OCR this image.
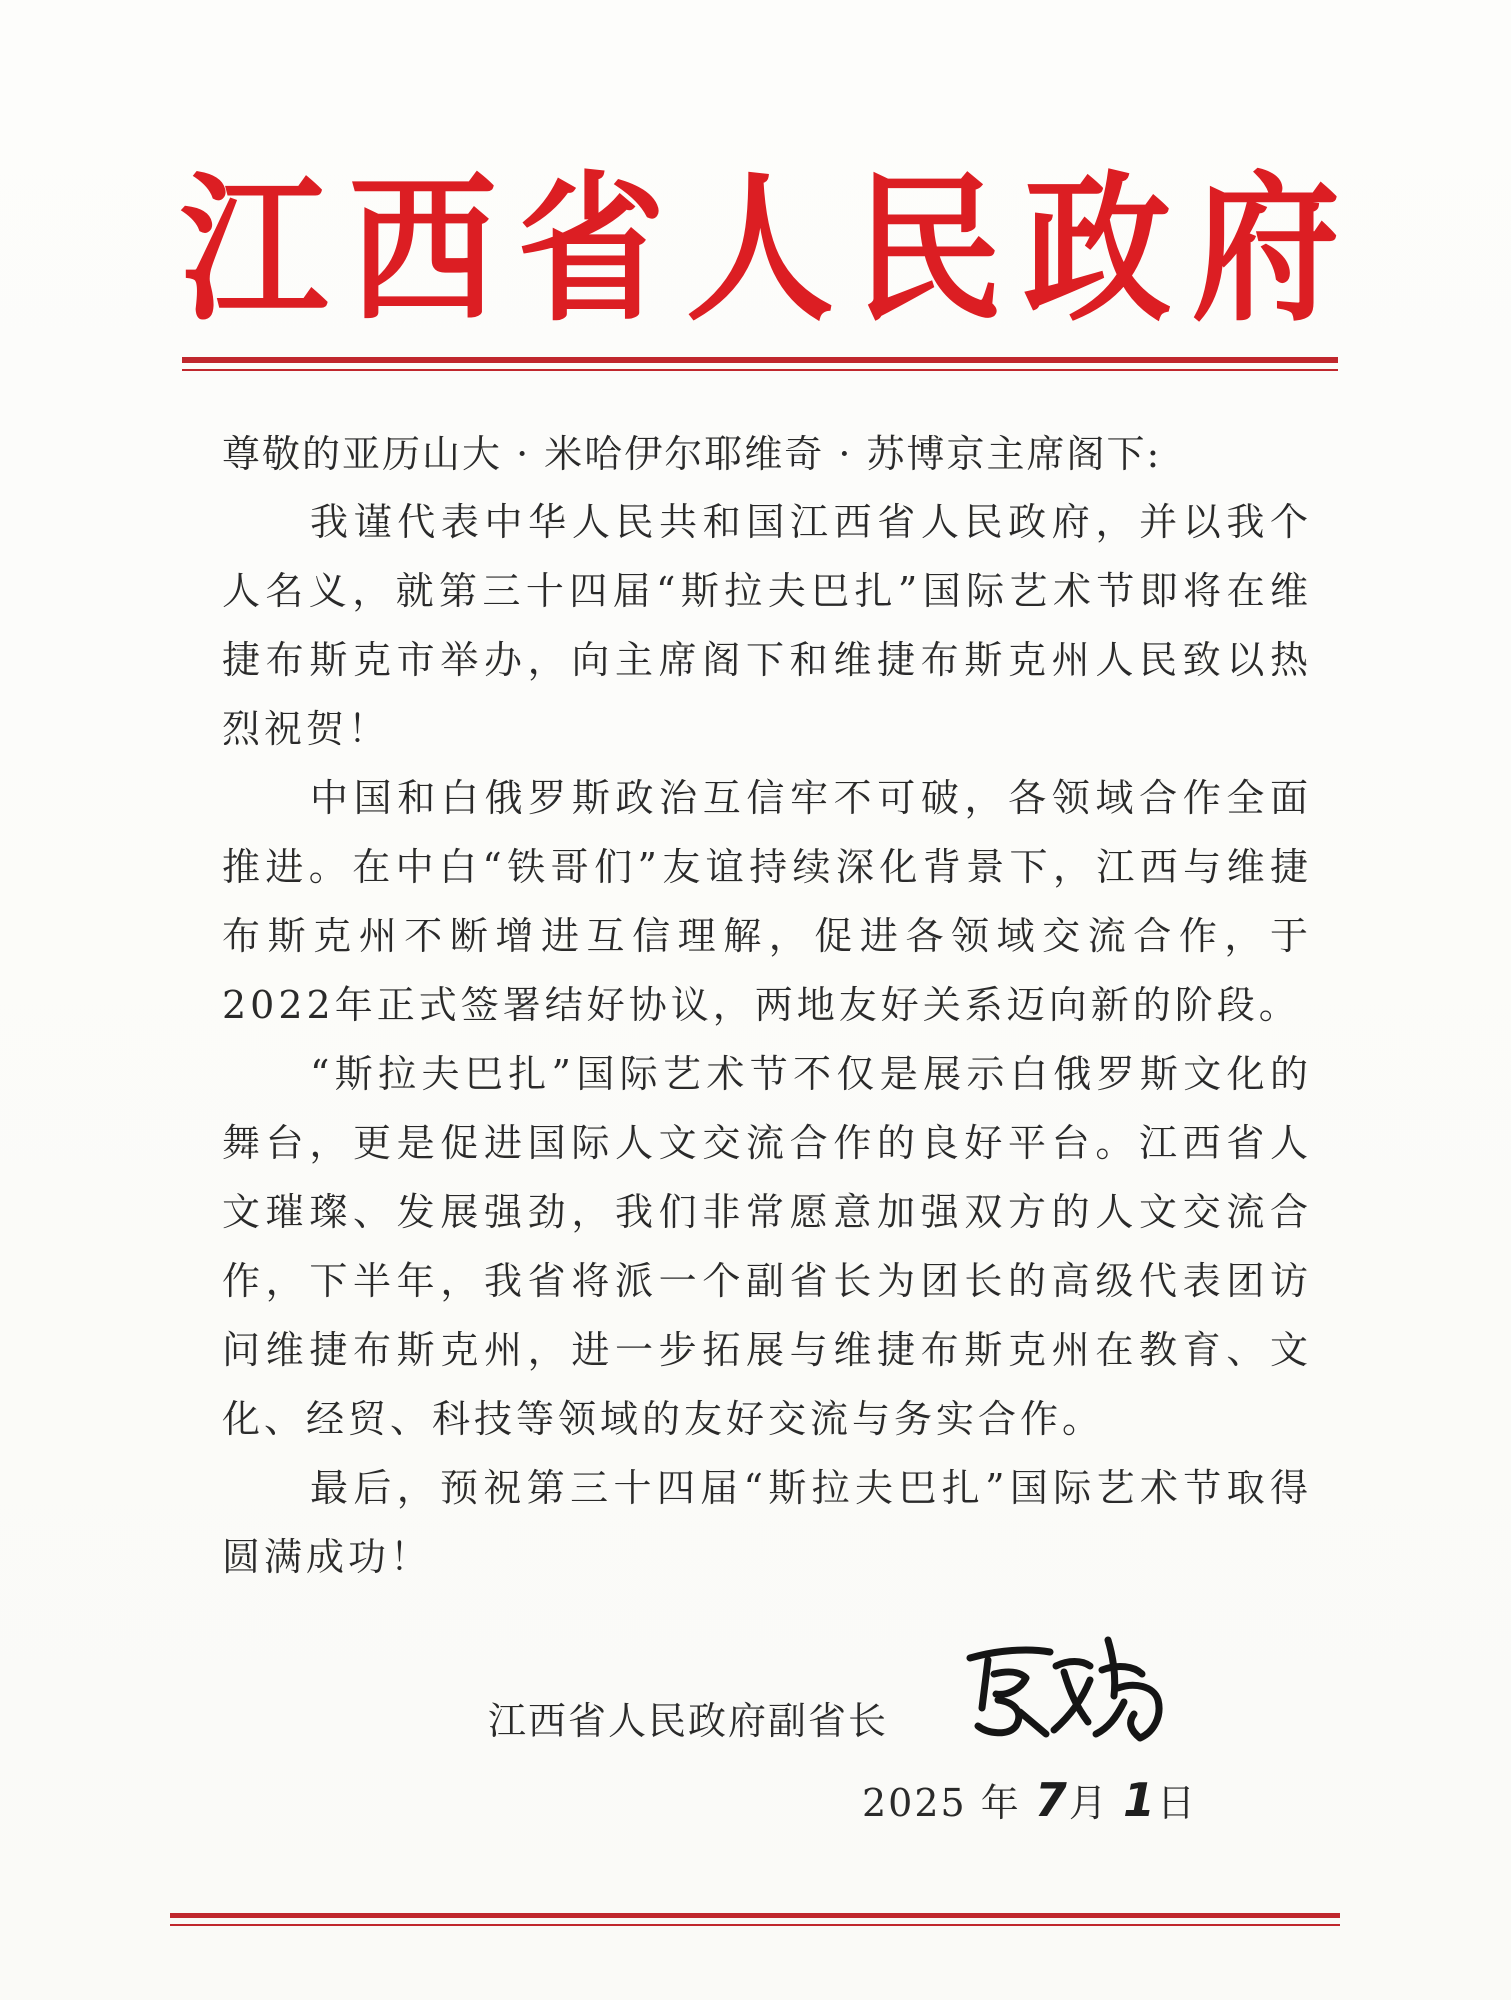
江 西 省 人 民 政 府

尊敬的亚历山大 · 米哈伊尔耶维奇 · 苏博京主席阁下:

我谨代表中华人民共和国江西省人民政府，并以我个人名义，就第三十四届“斯拉夫巴扎”国际艺术节即将在维捷布斯克市举办，向主席阁下和维捷布斯克州人民致以热烈祝贺！

中国和白俄罗斯政治互信牢不可破，各领域合作全面推进。在中白“铁哥们”友谊持续深化背景下，江西与维捷布斯克州不断增进互信理解，促进各领域交流合作，于2022年正式签署结好协议，两地友好关系迈向新的阶段。

“斯拉夫巴扎”国际艺术节不仅是展示白俄罗斯文化的舞台，更是促进国际人文交流合作的良好平台。江西省人文璀璨、发展强劲，我们非常愿意加强双方的人文交流合作，下半年，我省将派一个副省长为团长的高级代表团访问维捷布斯克州，进一步拓展与维捷布斯克州在教育、文化、经贸、科技等领域的友好交流与务实合作。

最后，预祝第三十四届“斯拉夫巴扎”国际艺术节取得圆满成功！

江西省人民政府副省长
2025 年 7月 1日
